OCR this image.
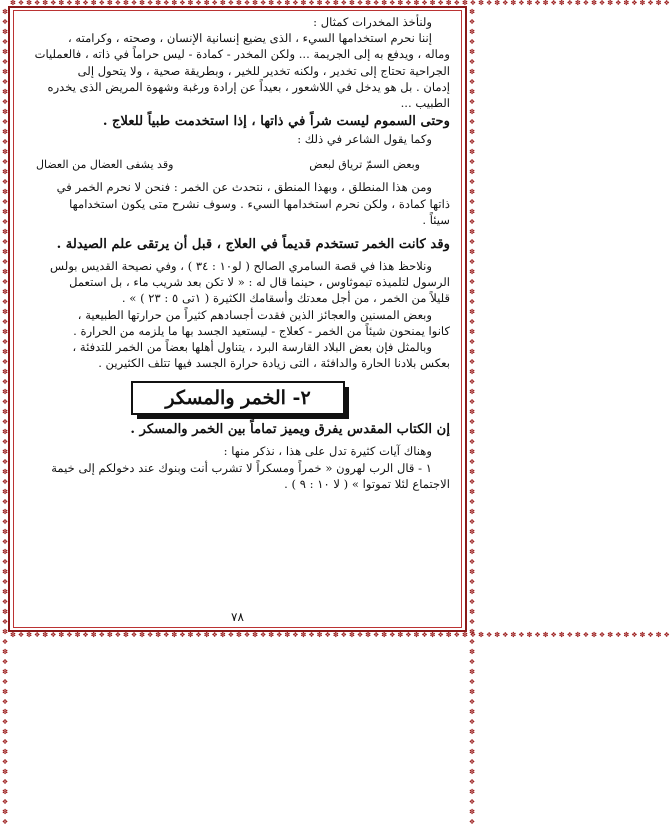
✽❖✽❖✽❖✽❖✽❖✽❖✽❖✽❖✽❖✽❖✽❖✽❖✽❖✽❖✽❖✽❖✽❖✽❖✽❖✽❖✽❖✽❖✽❖✽❖✽❖✽❖✽❖✽❖✽❖✽❖✽❖✽❖✽❖✽❖✽❖✽❖✽❖✽❖✽❖✽❖✽❖
✽❖✽❖✽❖✽❖✽❖✽❖✽❖✽❖✽❖✽❖✽❖✽❖✽❖✽❖✽❖✽❖✽❖✽❖✽❖✽❖✽❖✽❖✽❖✽❖✽❖✽❖✽❖✽❖✽❖✽❖✽❖✽❖✽❖✽❖✽❖✽❖✽❖✽❖✽❖✽❖✽❖
✽❖✽❖✽❖✽❖✽❖✽❖✽❖✽❖✽❖✽❖✽❖✽❖✽❖✽❖✽❖✽❖✽❖✽❖✽❖✽❖✽❖✽❖✽❖✽❖✽❖✽❖✽❖✽❖✽❖✽❖✽❖✽❖✽❖✽❖✽❖✽❖✽❖✽❖✽❖✽❖✽❖	✽❖✽❖✽❖✽❖✽❖✽❖✽❖✽❖✽❖✽❖✽❖✽❖✽❖✽❖✽❖✽❖✽❖✽❖✽❖✽❖✽❖✽❖✽❖✽❖✽❖✽❖✽❖✽❖✽❖✽❖✽❖✽❖✽❖✽❖✽❖✽❖✽❖✽❖✽❖✽❖✽❖

ولنأخذ المخدرات كمثال :

إننا نحرم استخدامها السيء ، الذى يضيع إنسانية الإنسان ، وصحته ، وكرامته ،

وماله ، ويدفع به إلى الجريمة ... ولكن المخدر - كمادة - ليس حراماً في ذاته ، فالعمليات

الجراحية تحتاج إلى تخدير ، ولكنه تخدير للخير ، وبطريقة صحية ، ولا يتحول إلى

إدمان . بل هو يدخل في اللاشعور ، بعيداً عن إرادة ورغبة وشهوة المريض الذى يخدره

الطبيب ...

وحتى السموم ليست شراً في ذاتها ، إذا استخدمت طبياً للعلاج .

وكما يقول الشاعر في ذلك :

وبعض السمّ ترياق لبعض
وقد يشفى العضال من العضال

ومن هذا المنطلق ، وبهذا المنطق ، نتحدث عن الخمر : فنحن لا نحرم الخمر في

ذاتها كمادة ، ولكن نحرم استخدامها السيء . وسوف نشرح متى يكون استخدامها

سيئاً .

وقد كانت الخمر تستخدم قديماً في العلاج ، قبل أن يرتقى علم الصيدلة .

ونلاحظ هذا في قصة السامري الصالح ( لو١٠ : ٣٤ ) ، وفي نصيحة القديس بولس

الرسول لتلميذه تيموثاوس ، حينما قال له : « لا تكن بعد شريب ماء ، بل استعمل

قليلاً من الخمر ، من أجل معدتك وأسقامك الكثيرة ( ١تى ٥ : ٢٣ ) » .

وبعض المسنين والعجائز الذين فقدت أجسادهم كثيراً من حرارتها الطبيعية ،

كانوا يمنحون شيئاً من الخمر - كعلاج - ليستعيد الجسد بها ما يلزمه من الحرارة .

وبالمثل فإن بعض البلاد القارسة البرد ، يتناول أهلها بعضاً من الخمر للتدفئة ،

بعكس بلادنا الحارة والدافئة ، التى زيادة حرارة الجسد فيها تتلف الكثيرين .

٢- الخمر والمسكر

إن الكتاب المقدس يفرق ويميز تماماً بين الخمر والمسكر .

وهناك آيات كثيرة تدل على هذا ، نذكر منها :

١ - قال الرب لهرون « خمراً ومسكراً لا تشرب أنت وبنوك عند دخولكم إلى خيمة

الاجتماع لئلا تموتوا » ( لا ١٠ : ٩ ) .

٧٨
